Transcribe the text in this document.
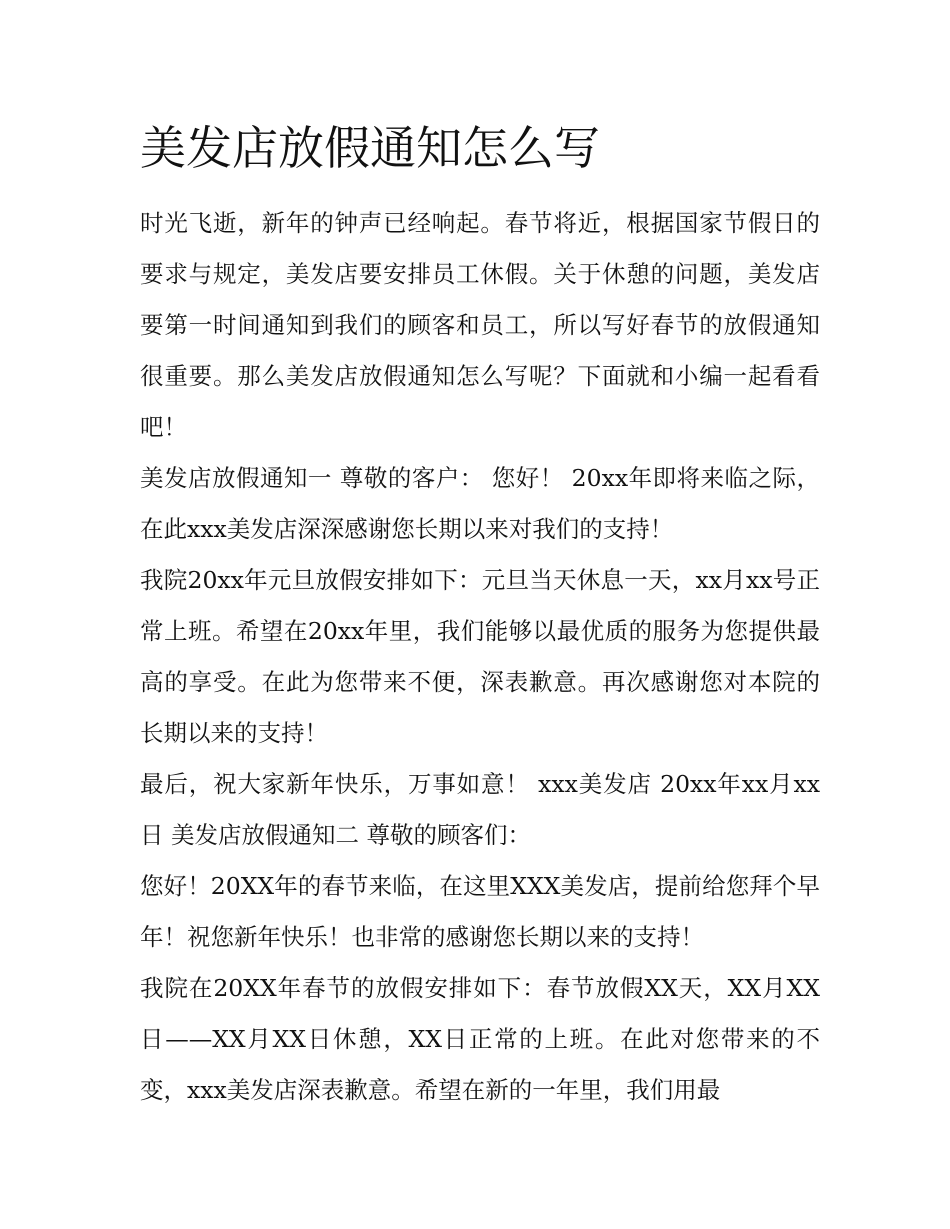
美发店放假通知怎么写

时光飞逝，新年的钟声已经响起。春节将近，根据国家节假日的要求与规定，美发店要安排员工休假。关于休憩的问题，美发店要第一时间通知到我们的顾客和员工，所以写好春节的放假通知很重要。那么美发店放假通知怎么写呢？下面就和小编一起看看吧！

美发店放假通知一 尊敬的客户： 您好！ 20xx年即将来临之际，在此xxx美发店深深感谢您长期以来对我们的支持！

我院20xx年元旦放假安排如下：元旦当天休息一天，xx月xx号正常上班。希望在20xx年里，我们能够以最优质的服务为您提供最高的享受。在此为您带来不便，深表歉意。再次感谢您对本院的长期以来的支持！

最后，祝大家新年快乐，万事如意！ xxx美发店 20xx年xx月xx日 美发店放假通知二 尊敬的顾客们：

您好！20XX年的春节来临，在这里XXX美发店，提前给您拜个早年！祝您新年快乐！也非常的感谢您长期以来的支持！

我院在20XX年春节的放假安排如下：春节放假XX天，XX月XX日——XX月XX日休憩，XX日正常的上班。在此对您带来的不变，xxx美发店深表歉意。希望在新的一年里，我们用最
